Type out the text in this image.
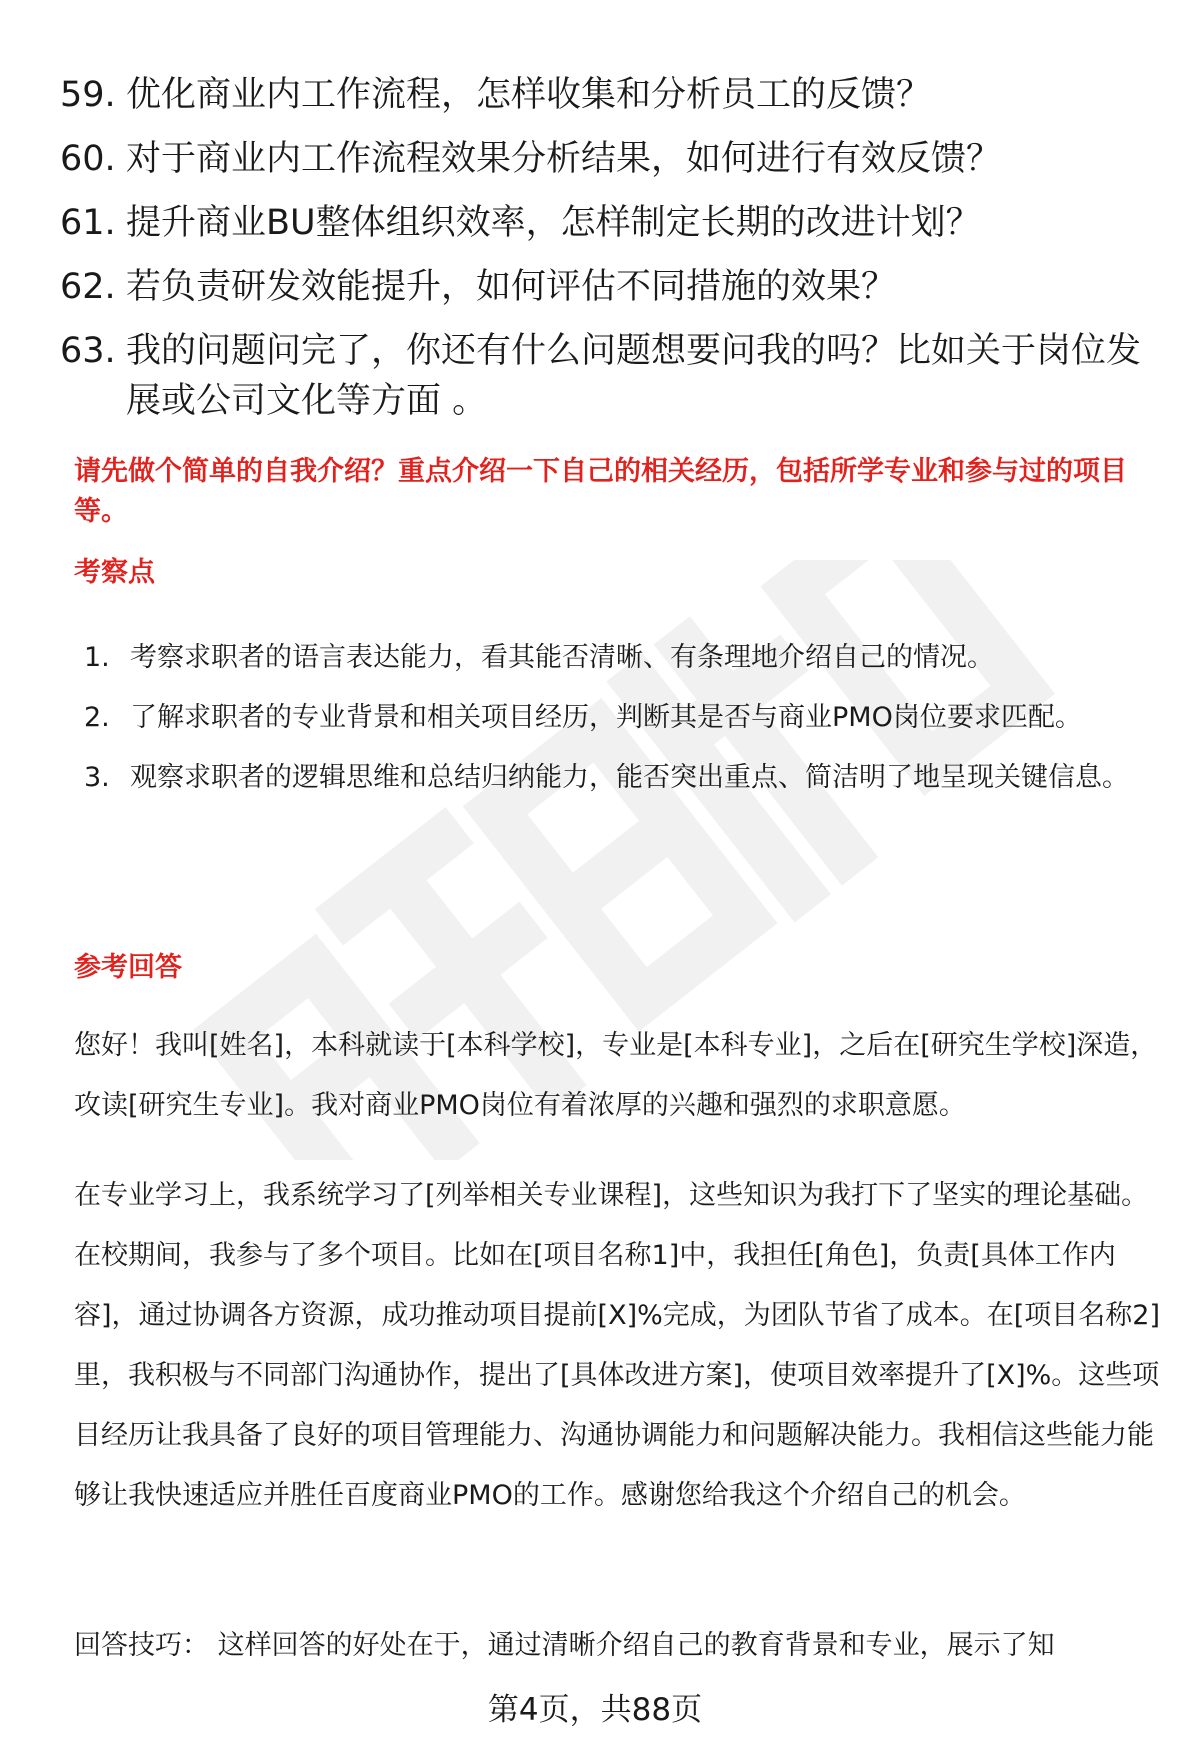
59. 优化商业内工作流程，怎样收集和分析员工的反馈？
60. 对于商业内工作流程效果分析结果，如何进行有效反馈？
61. 提升商业BU整体组织效率，怎样制定长期的改进计划？
62. 若负责研发效能提升，如何评估不同措施的效果？
63. 我的问题问完了，你还有什么问题想要问我的吗？比如关于岗位发展或公司文化等方面 。
请先做个简单的自我介绍？重点介绍一下自己的相关经历，包括所学专业和参与过的项目等。
考察点
1. 考察求职者的语言表达能力，看其能否清晰、有条理地介绍自己的情况。
2. 了解求职者的专业背景和相关项目经历，判断其是否与商业PMO岗位要求匹配。
3. 观察求职者的逻辑思维和总结归纳能力，能否突出重点、简洁明了地呈现关键信息。
参考回答
您好！我叫[姓名]，本科就读于[本科学校]，专业是[本科专业]，之后在[研究生学校]深造，攻读[研究生专业]。我对商业PMO岗位有着浓厚的兴趣和强烈的求职意愿。
在专业学习上，我系统学习了[列举相关专业课程]，这些知识为我打下了坚实的理论基础。在校期间，我参与了多个项目。比如在[项目名称1]中，我担任[角色]，负责[具体工作内容]，通过协调各方资源，成功推动项目提前[X]%完成，为团队节省了成本。在[项目名称2]里，我积极与不同部门沟通协作，提出了[具体改进方案]，使项目效率提升了[X]%。这些项目经历让我具备了良好的项目管理能力、沟通协调能力和问题解决能力。我相信这些能力能够让我快速适应并胜任百度商业PMO的工作。感谢您给我这个介绍自己的机会。
回答技巧： 这样回答的好处在于，通过清晰介绍自己的教育背景和专业，展示了知
第4页，共88页
